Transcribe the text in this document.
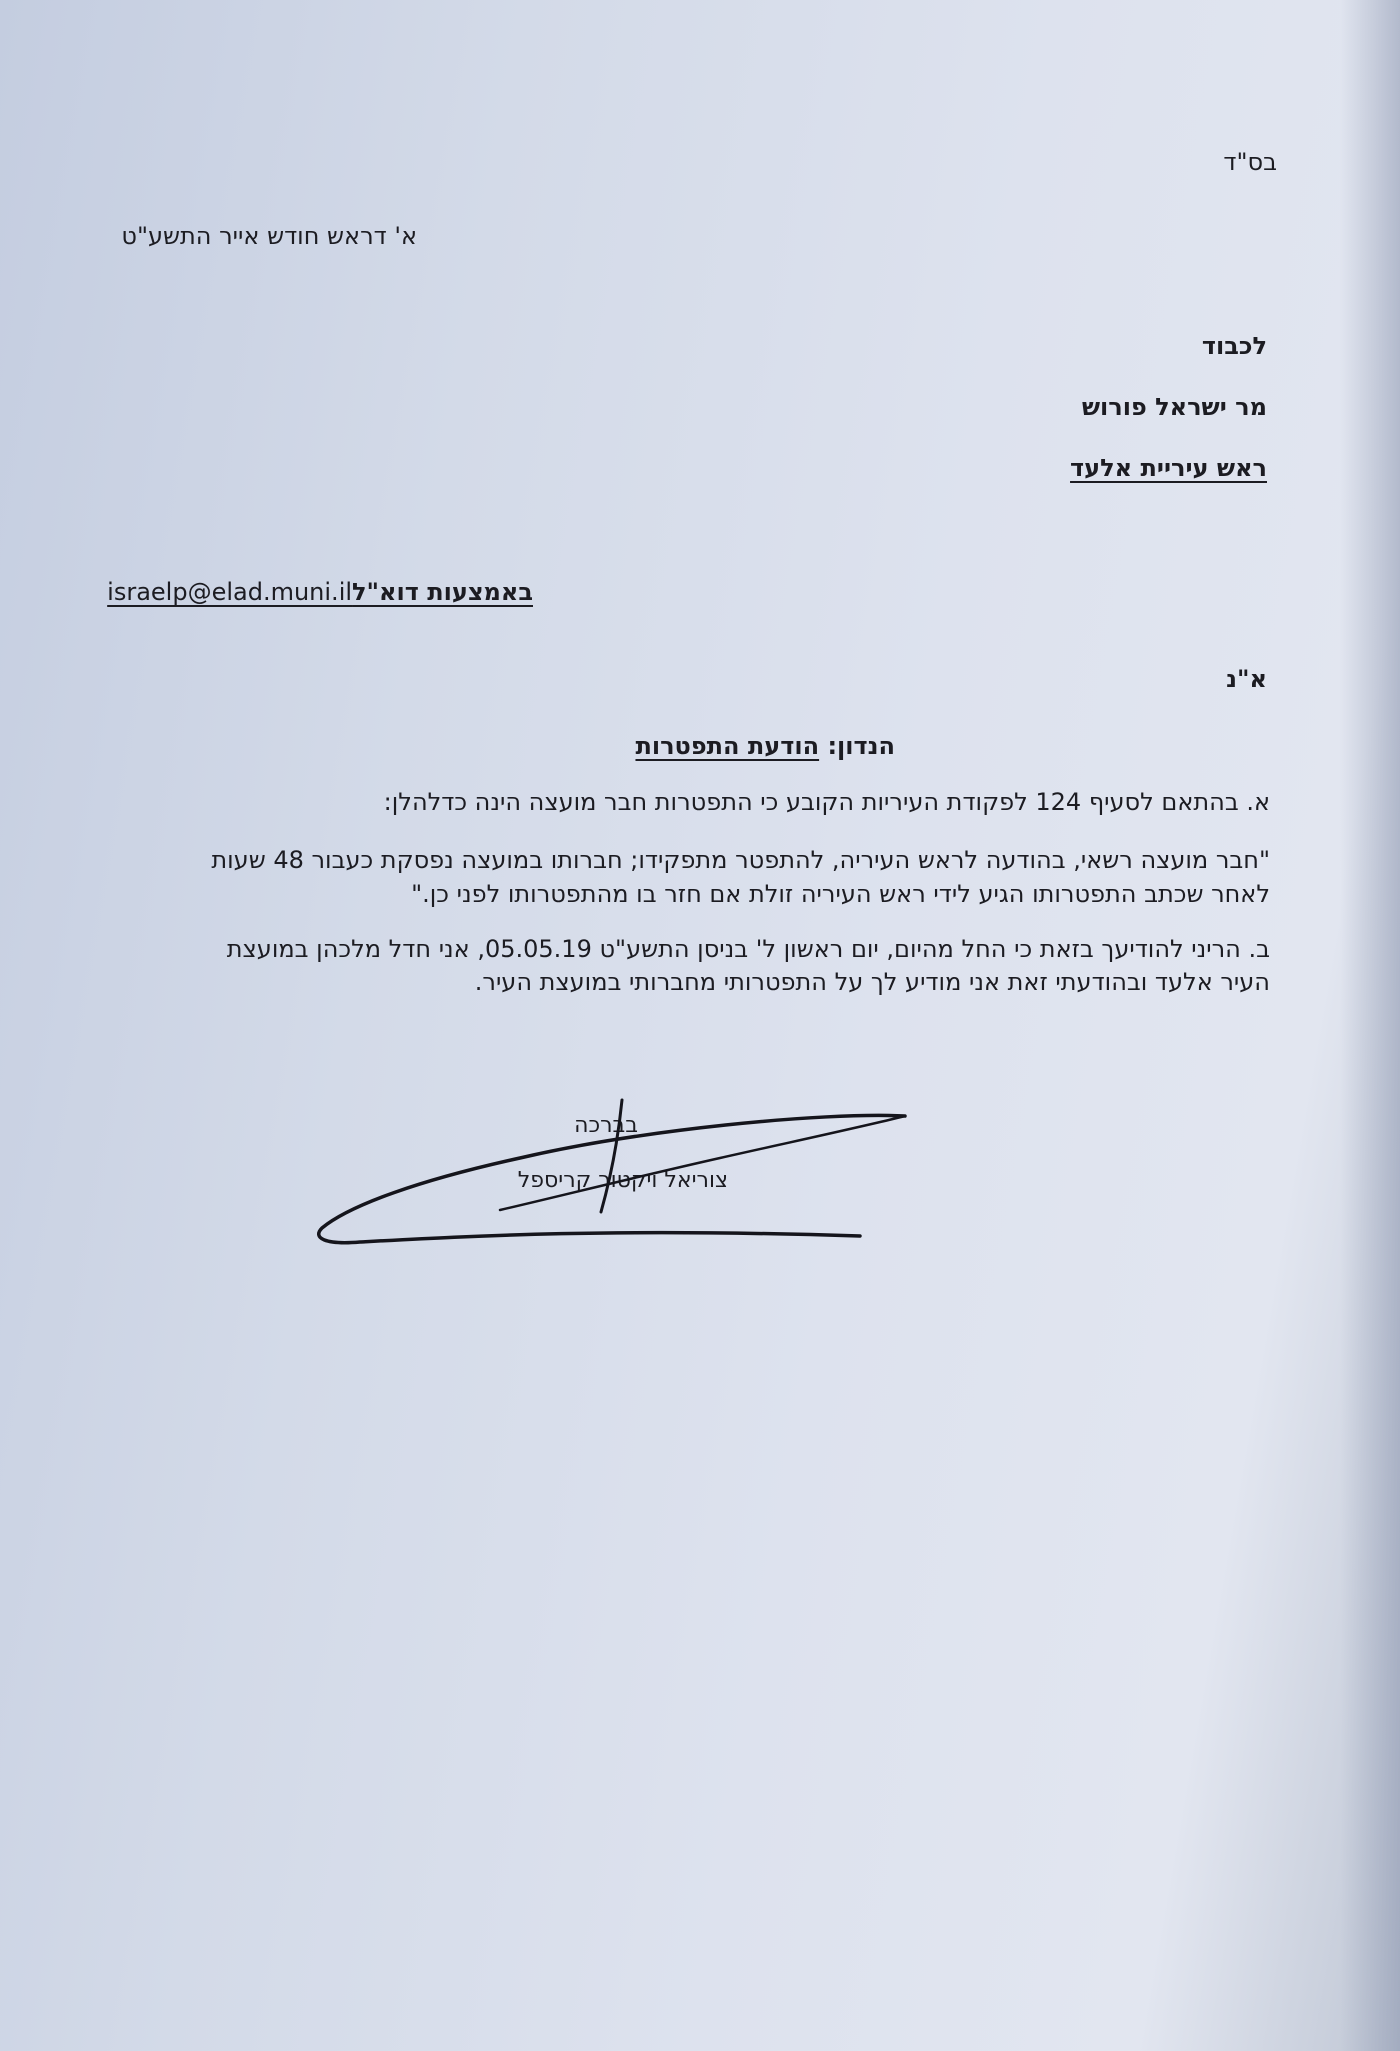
בס"ד
א' דראש חודש אייר התשע"ט
לכבוד
מר ישראל פורוש
ראש עיריית אלעד
באמצעות דוא"לisraelp@elad.muni.il
א"נ
הנדון: הודעת התפטרות
א. בהתאם לסעיף 124 לפקודת העיריות הקובע כי התפטרות חבר מועצה הינה כדלהלן:
"חבר מועצה רשאי, בהודעה לראש העיריה, להתפטר מתפקידו; חברותו במועצה נפסקת כעבור 48 שעות
לאחר שכתב התפטרותו הגיע לידי ראש העיריה זולת אם חזר בו מהתפטרותו לפני כן."
ב. הריני להודיעך בזאת כי החל מהיום, יום ראשון ל' בניסן התשע"ט 05.05.19, אני חדל מלכהן במועצת
העיר אלעד ובהודעתי זאת אני מודיע לך על התפטרותי מחברותי במועצת העיר.
בברכה
צוריאל ויקטור קריספל
